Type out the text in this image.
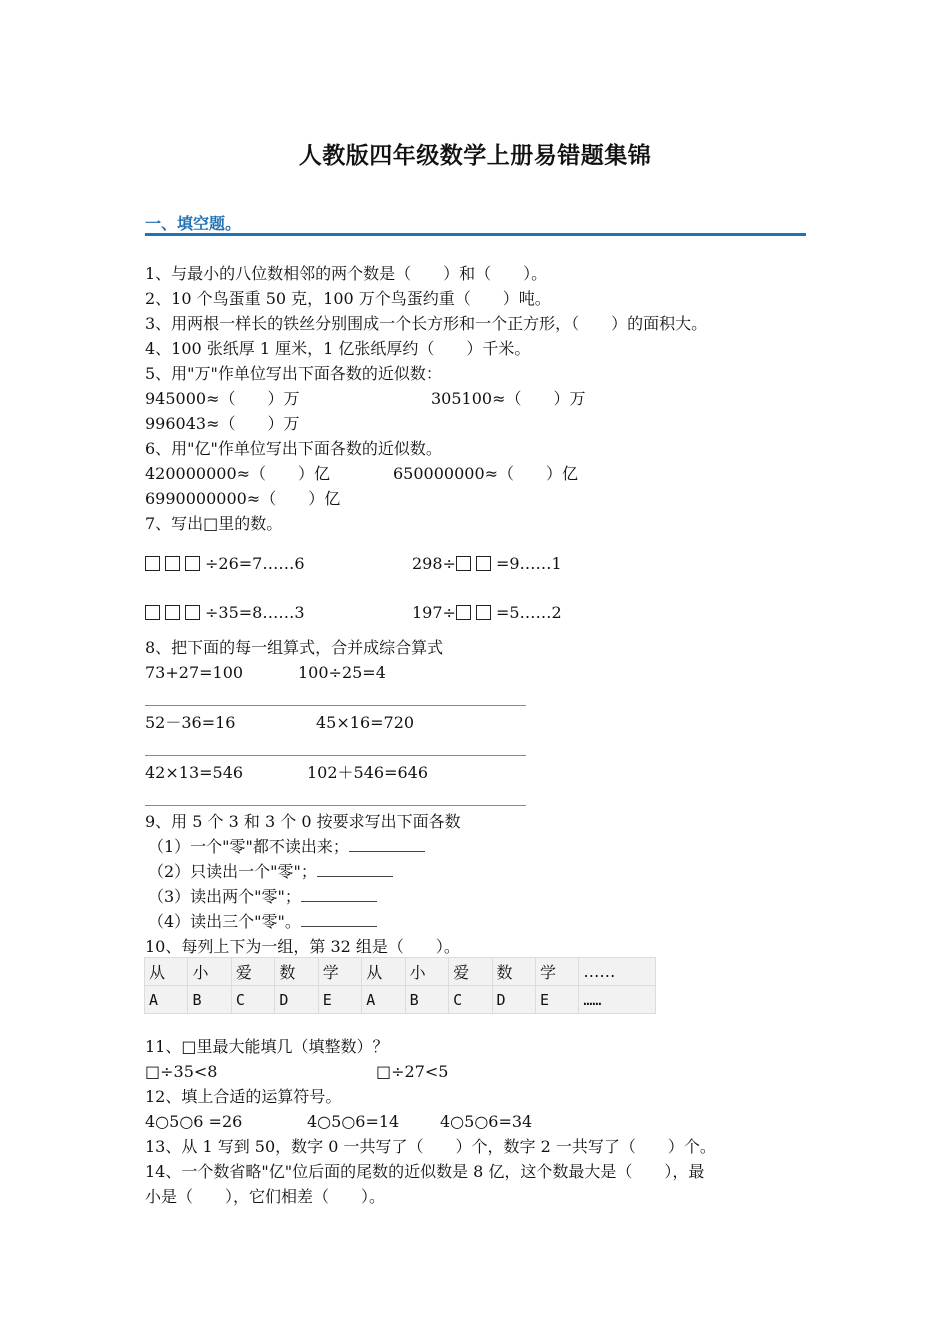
人教版四年级数学上册易错题集锦
一、填空题。
1、与最小的八位数相邻的两个数是（　　）和（　　）。
2、10 个鸟蛋重 50 克，100 万个鸟蛋约重（　　）吨。
3、用两根一样长的铁丝分别围成一个长方形和一个正方形，（　　）的面积大。
4、100 张纸厚 1 厘米，1 亿张纸厚约（　　）千米。
5、用"万"作单位写出下面各数的近似数：
945000≈（　　）万	305100≈（　　）万
996043≈（　　）万
6、用"亿"作单位写出下面各数的近似数。
420000000≈（　　）亿	650000000≈（　　）亿
6990000000≈（　　）亿
7、写出□里的数。
÷26=7……6	298÷	=9……1
÷35=8……3	197÷	=5……2
8、把下面的每一组算式，合并成综合算式
73+27=100	100÷25=4
52－36=16	45×16=720
42×13=546	102＋546=646
9、用 5 个 3 和 3 个 0 按要求写出下面各数
（1）一个"零"都不读出来；
（2）只读出一个"零"；
（3）读出两个"零"；
（4）读出三个"零"。
10、每列上下为一组，第 32 组是（　　）。
从	小	爱	数	学	从	小	爱	数	学	……
A	B	C	D	E	A	B	C	D	E	……
11、□里最大能填几（填整数）？
□÷35<8	□÷27<5
12、填上合适的运算符号。
4○5○6 =26	4○5○6=14	4○5○6=34
13、从 1 写到 50，数字 0 一共写了（　　）个，数字 2 一共写了（　　）个。
14、一个数省略"亿"位后面的尾数的近似数是 8 亿，这个数最大是（　　），最
小是（　　），它们相差（　　）。
